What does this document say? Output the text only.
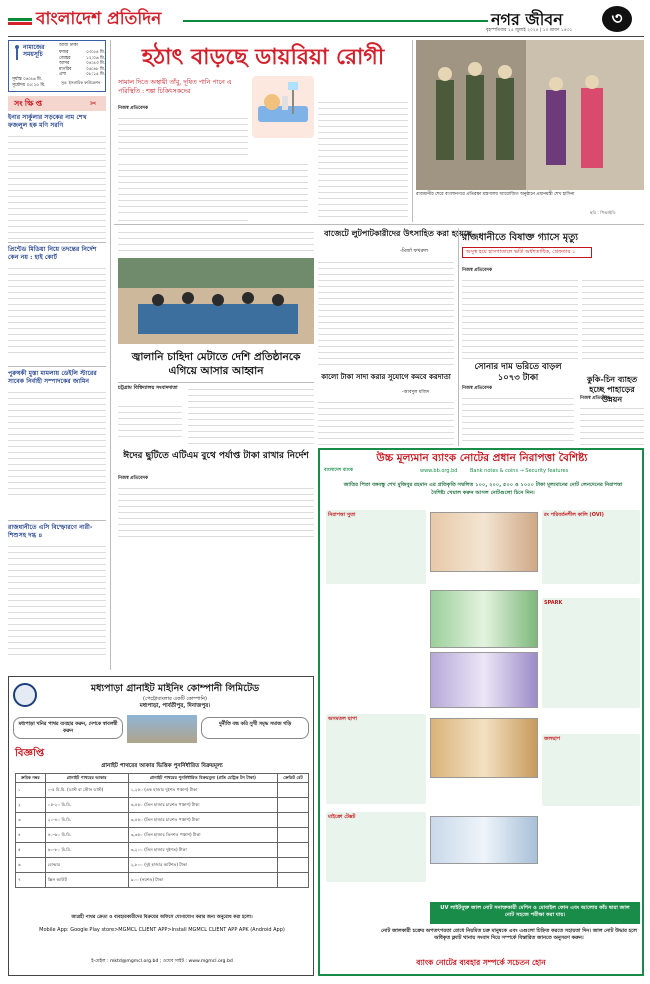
বাংলাদেশ প্রতিদিন	নগর জীবন	৩
বৃহস্পতিবার ২৫ জুলাই ২০২৪ | ১০ শ্রাবণ ১৪৩১
নামাজের সময়সূচি
আজ ঢাকা
ফজর	০৩:৫৪ মি.
জোহর	১২:০৬ মি.
আসর	০৪:৪৩ মি.
মাগরিব	০৬:৪৮ মি.
এশা	০৮:১৫ মি.
সূর্যাস্ত ০৬:৪৬ মি.
সূর্যোদয় ০৫:২৫ মি.
সূত্র: ইসলামিক ফাউন্ডেশন
সংক্ষিপ্ত	✂
ইনার সার্কুলার সড়কের নাম শেখ ফজলুল হক মণি সরণি
প্রিন্টেড মিডিয়া নিয়ে তদন্তের নির্দেশ কেন নয় : হাই কোর্ট
পুরুষকী মুস্তা মামলায় ডেইলি স্টারের সাবেক নির্বাহী সম্পাদকের জামিন
রাজধানীতে এসি বিস্ফোরণে নারী-শিশুসহ দগ্ধ ৪
হঠাৎ বাড়ছে ডায়রিয়া রোগী
সামাল দিতে অস্থায়ী তাঁবু, দূষিত পানি পানে এ পরিস্থিতি : শঙ্কা চিকিৎসকদের
নিজস্ব প্রতিবেদক
রাজধানীর শেরে বাংলানগরে প্রতিরক্ষা মন্ত্রণালয় আয়োজিত অনুষ্ঠানে প্রধানমন্ত্রী শেখ হাসিনা
ছবি : পিআইডি
বাজেটে লুটপাটকারীদের উৎসাহিত করা হয়েছে
-মির্জা ফখরুল
জ্বালানি চাহিদা মেটাতে দেশি প্রতিষ্ঠানকে এগিয়ে আসার আহ্বান
চট্টগ্রাম বিশ্বিদ্যালয় সংবাদদাতা
কালো টাকা সাদা করার সুযোগে কমবে করদাতা
-আবদুল মজিদ
ঈদের ছুটিতে এটিএম বুথে পর্যাপ্ত টাকা রাখার নির্দেশ
নিজস্ব প্রতিবেদক
রাজধানীতে বিষাক্ত গ্যাসে মৃত্যু
অসুস্থ হয়ে হাসপাতালে ভর্তি অর্ধশতাধিক, গ্রেফতার ১
নিজস্ব প্রতিবেদক
সোনার দাম ভরিতে বাড়ল ১০৭৩ টাকা
নিজস্ব প্রতিবেদক
কুকি-চিন ব্যাহত হচ্ছে পাহাড়ের উন্নয়ন
নিজস্ব প্রতিবেদক
উচ্চ মূল্যমান ব্যাংক নোটের প্রধান নিরাপত্তা বৈশিষ্ট্য
বাংলাদেশ ব্যাংক	www.bb.org.bd	Bank notes & coins → Security features
জাতির পিতা বঙ্গবন্ধু শেখ মুজিবুর রহমান এর প্রতিকৃতি সম্বলিত ১০০, ২০০, ৫০০ ও ১০০০ টাকা মূল্যমানের নোট লেনদেনের নিরাপত্তা বৈশিষ্ট্য খেয়াল করুন আসল নোটগুলো চিনে নিন।
নিরাপত্তা সুতা	রং পরিবর্তনশীল কালি (OVI)
SPARK
অসমতল ছাপা
জলছাপ
মাইক্রো টেক্সট
UV লাইটযুক্ত জাল নোট সনাক্তকারী মেশিন ও মোবাইল ফোন এবং আলোর কাঁচ দ্বারা জাল নোট সহজে পরীক্ষা করা যায়।
নোট জালকারী চক্রের অপতৎপরতা রোধে নিয়মিত চক্র মানুষকে এবং এগুলো চিহ্নিত করতে সহায়তা দিন। জাল নোট উদ্ধার হলে অধিকৃত ফ্ল্যাট থানায় সংবাদ দিয়ে সম্পর্কে বিস্তারিত জানতে অনুসরণ করুন।
ব্যাংক নোটের ব্যবহার সম্পর্কে সচেতন হোন
মধ্যপাড়া গ্রানাইট মাইনিং কোম্পানী লিমিটেড
(পেট্রোবাংলার একটি কোম্পানি)
মধ্যপাড়া, পার্বতীপুর, দিনাজপুর।
মধ্যপাড়া খনির পাথর ব্যবহার করুন, দেশকে স্বাবলম্বী করুন
দুর্নীতি বন্ধ করি সুখী সমৃদ্ধ সমাজ গড়ি
বিজ্ঞপ্তি
গ্রানাইট পাথরের আকার ভিত্তিক পুনর্নির্ধারিত বিক্রয়মূল্য
ক্রমিক নম্বর	গ্রানাইট পাথরের আকার	গ্রানাইট পাথরের পুনর্নির্ধারিত বিক্রয়মূল্য (প্রতি মেট্রিক টন টাকা)	ক্রেডিট রেট
১	০-৫ মি.মি. (ডাস্ট বা স্টোন ডাস্ট)	১,২৫০ (এক হাজার দুইশত পঞ্চাশ) টাকা	
২	০৫-২০ মি.মি.	৩,৪৫০ (তিন হাজার চারশত পঞ্চাশ) টাকা	
৩	২০-৪০ মি.মি.	৩,৪৫০ (তিন হাজার চারশত পঞ্চাশ) টাকা	
৪	৪০-৬০ মি.মি.	৩,৩৫০ (তিন হাজার তিনশত পঞ্চাশ) টাকা	
৫	৬০-৮০ মি.মি.	৩,২০০ (তিন হাজার দুইশত) টাকা	
৬	বোল্ডার	২,৮০০ (দুই হাজার আটশত) টাকা	
৭	স্ক্রিন আউট	৯০০ (নয়শত) টাকা	
আগ্রহী পাথর ক্রেতা ও ব্যবহারকারীদের বিক্রয়ের অফিসে যোগাযোগ করার জন্য অনুরোধ করা হলো।
Mobile App: Google Play store>MGMCL CLIENT APP>Install MGMCL CLIENT APP APK (Android App)
ই-মেইল : mktd@mgmcl.org.bd ; ওয়েব সাইট : www.mgmcl.org.bd
